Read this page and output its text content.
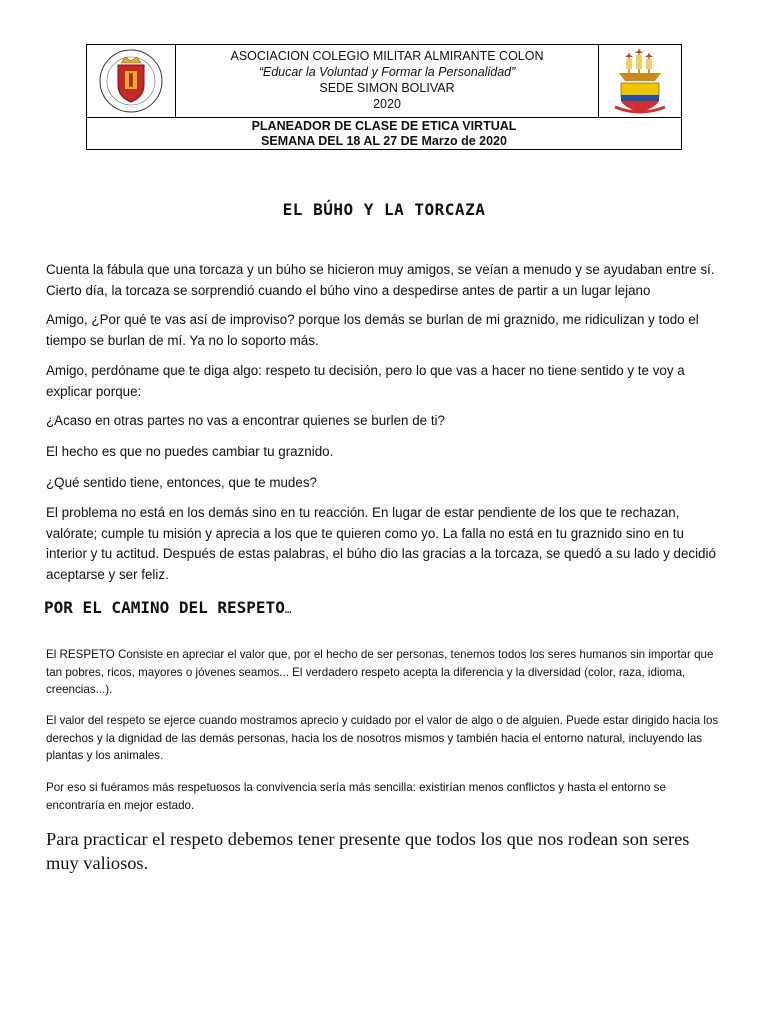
· · · · · ·
ASOCIACION COLEGIO MILITAR ALMIRANTE COLON
“Educar la Voluntad y Formar la Personalidad”
SEDE SIMON BOLIVAR
2020
PLANEADOR DE CLASE DE ETICA VIRTUAL
SEMANA DEL 18 AL 27 DE Marzo de 2020
EL BÚHO Y LA TORCAZA
Cuenta la fábula que una torcaza y un búho se hicieron muy amigos, se veían a menudo y se ayudaban entre sí. Cierto día, la torcaza se sorprendió cuando el búho vino a despedirse antes de partir a un lugar lejano
Amigo, ¿Por qué te vas así de improviso? porque los demás se burlan de mi graznido, me ridiculizan y todo el tiempo se burlan de mí. Ya no lo soporto más.
Amigo, perdóname que te diga algo: respeto tu decisión, pero lo que vas a hacer no tiene sentido y te voy a explicar porque:
¿Acaso en otras partes no vas a encontrar quienes se burlen de ti?
El hecho es que no puedes cambiar tu graznido.
¿Qué sentido tiene, entonces, que te mudes?
El problema no está en los demás sino en tu reacción. En lugar de estar pendiente de los que te rechazan, valórate; cumple tu misión y aprecia a los que te quieren como yo. La falla no está en tu graznido sino en tu interior y tu actitud. Después de estas palabras, el búho dio las gracias a la torcaza, se quedó a su lado y decidió aceptarse y ser feliz.
POR EL CAMINO DEL RESPETO…
El RESPETO Consiste en apreciar el valor que, por el hecho de ser personas, tenemos todos los seres humanos sin importar que tan pobres, ricos, mayores o jóvenes seamos... El verdadero respeto acepta la diferencia y la diversidad (color, raza, idioma, creencias...).
El valor del respeto se ejerce cuando mostramos aprecio y cuidado por el valor de algo o de alguien. Puede estar dirigido hacia los derechos y la dignidad de las demás personas, hacia los de nosotros mismos y también hacia el entorno natural, incluyendo las plantas y los animales.
Por eso si fuéramos más respetuosos la convivencia sería más sencilla: existirían menos conflictos y hasta el entorno se encontraría en mejor estado.
Para practicar el respeto debemos tener presente que todos los que nos rodean son seres muy valiosos.
